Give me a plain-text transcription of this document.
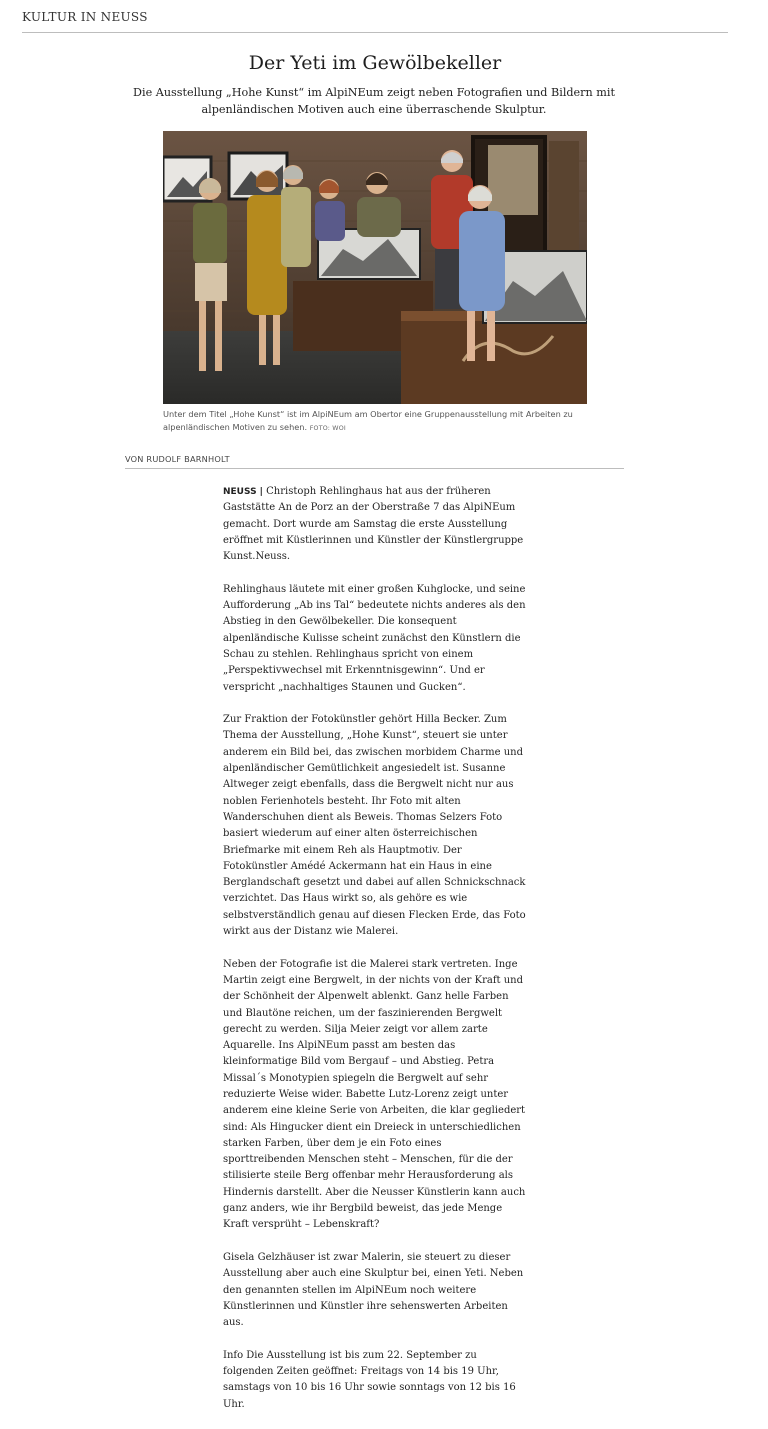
KULTUR IN NEUSS
Der Yeti im Gewölbekeller

Die Ausstellung „Hohe Kunst“ im AlpiNEum zeigt neben Fotografien und Bildern mit alpenländischen Motiven auch eine überraschende Skulptur.

Unter dem Titel „Hohe Kunst“ ist im AlpiNEum am Obertor eine Gruppenausstellung mit Arbeiten zu alpenländischen Motiven zu sehen. FOTO: WOI
VON RUDOLF BARNHOLT

NEUSS | Christoph Rehlinghaus hat aus der früheren Gaststätte An de Porz an der Oberstraße 7 das AlpiNEum gemacht. Dort wurde am Samstag die erste Ausstellung eröffnet mit Küstlerinnen und Künstler der Künstlergruppe Kunst.Neuss.

Rehlinghaus läutete mit einer großen Kuhglocke, und seine Aufforderung „Ab ins Tal“ bedeutete nichts anderes als den Abstieg in den Gewölbekeller. Die konsequent alpenländische Kulisse scheint zunächst den Künstlern die Schau zu stehlen. Rehlinghaus spricht von einem „Perspektivwechsel mit Erkenntnisgewinn“. Und er verspricht „nachhaltiges Staunen und Gucken“.

Zur Fraktion der Fotokünstler gehört Hilla Becker. Zum Thema der Ausstellung, „Hohe Kunst“, steuert sie unter anderem ein Bild bei, das zwischen morbidem Charme und alpenländischer Gemütlichkeit angesiedelt ist. Susanne Altweger zeigt ebenfalls, dass die Bergwelt nicht nur aus noblen Ferienhotels besteht. Ihr Foto mit alten Wanderschuhen dient als Beweis. Thomas Selzers Foto basiert wiederum auf einer alten österreichischen Briefmarke mit einem Reh als Hauptmotiv. Der Fotokünstler Amédé Ackermann hat ein Haus in eine Berglandschaft gesetzt und dabei auf allen Schnickschnack verzichtet. Das Haus wirkt so, als gehöre es wie selbstverständlich genau auf diesen Flecken Erde, das Foto wirkt aus der Distanz wie Malerei.

Neben der Fotografie ist die Malerei stark vertreten. Inge Martin zeigt eine Bergwelt, in der nichts von der Kraft und der Schönheit der Alpenwelt ablenkt. Ganz helle Farben und Blautöne reichen, um der faszinierenden Bergwelt gerecht zu werden. Silja Meier zeigt vor allem zarte Aquarelle. Ins AlpiNEum passt am besten das kleinformatige Bild vom Bergauf – und Abstieg. Petra Missal´s Monotypien spiegeln die Bergwelt auf sehr reduzierte Weise wider. Babette Lutz-Lorenz zeigt unter anderem eine kleine Serie von Arbeiten, die klar gegliedert sind: Als Hingucker dient ein Dreieck in unterschiedlichen starken Farben, über dem je ein Foto eines sporttreibenden Menschen steht – Menschen, für die der stilisierte steile Berg offenbar mehr Herausforderung als Hindernis darstellt. Aber die Neusser Künstlerin kann auch ganz anders, wie ihr Bergbild beweist, das jede Menge Kraft versprüht – Lebenskraft?

Gisela Gelzhäuser ist zwar Malerin, sie steuert zu dieser Ausstellung aber auch eine Skulptur bei, einen Yeti. Neben den genannten stellen im AlpiNEum noch weitere Künstlerinnen und Künstler ihre sehenswerten Arbeiten aus.

Info Die Ausstellung ist bis zum 22. September zu folgenden Zeiten geöffnet: Freitags von 14 bis 19 Uhr, samstags von 10 bis 16 Uhr sowie sonntags von 12 bis 16 Uhr.
